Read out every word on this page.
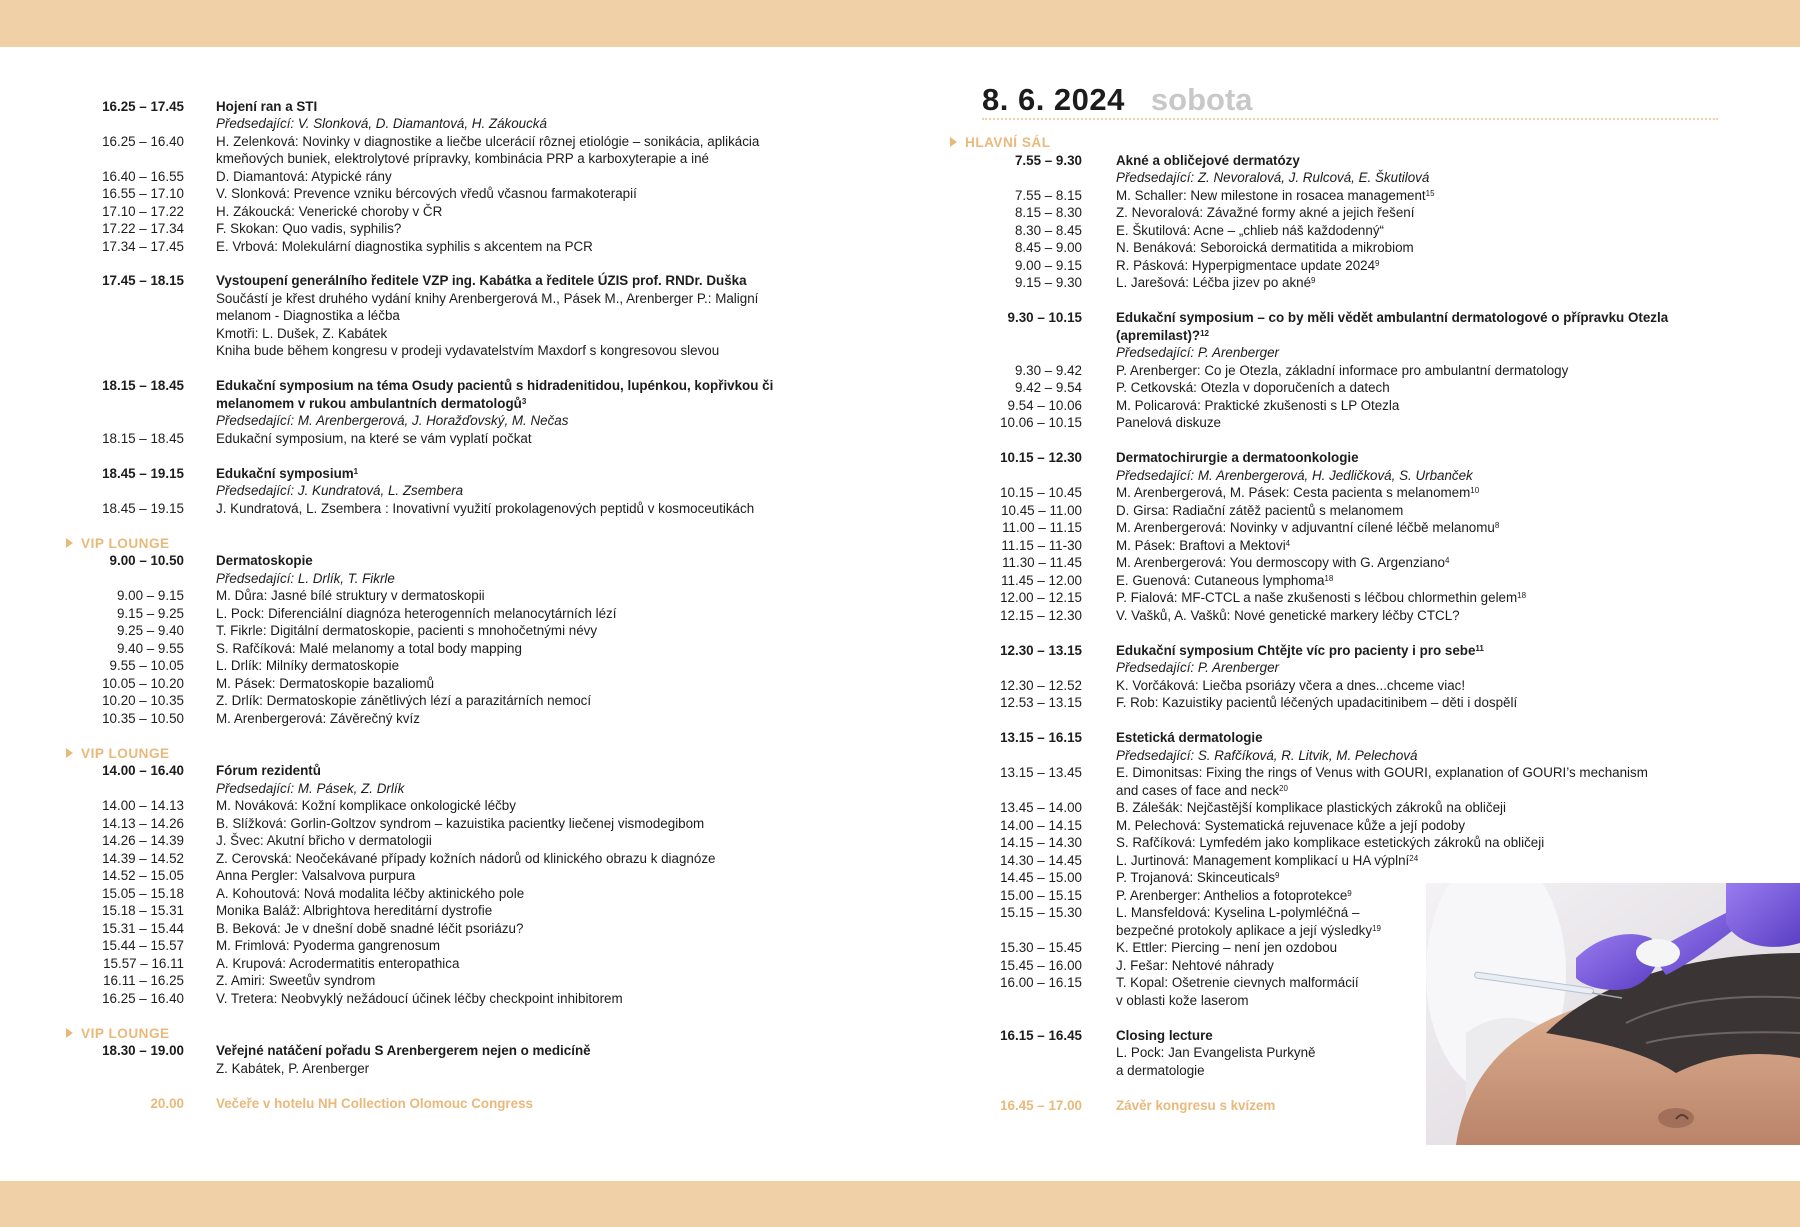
16.25 – 17.45 Hojení ran a STI
Předsedající: V. Slonková, D. Diamantová, H. Zákoucká
16.25 – 16.40 H. Zelenková: Novinky v diagnostike a liečbe ulcerácií rôznej etiológie – sonikácia, aplikácia
kmeňových buniek, elektrolytové prípravky, kombinácia PRP a karboxyterapie a iné
16.40 – 16.55 D. Diamantová: Atypické rány
16.55 – 17.10 V. Slonková: Prevence vzniku bércových vředů včasnou farmakoterapií
17.10 – 17.22 H. Zákoucká: Venerické choroby v ČR
17.22 – 17.34 F. Skokan: Quo vadis, syphilis?
17.34 – 17.45 E. Vrbová: Molekulární diagnostika syphilis s akcentem na PCR
17.45 – 18.15 Vystoupení generálního ředitele VZP ing. Kabátka a ředitele ÚZIS prof. RNDr. Duška
Součástí je křest druhého vydání knihy Arenbergerová M., Pásek M., Arenberger P.: Maligní
melanom - Diagnostika a léčba
Kmotři: L. Dušek, Z. Kabátek
Kniha bude během kongresu v prodeji vydavatelstvím Maxdorf s kongresovou slevou
18.15 – 18.45 Edukační symposium na téma Osudy pacientů s hidradenitidou, lupénkou, kopřivkou či
melanomem v rukou ambulantních dermatologů$^3$
Předsedající: M. Arenbergerová, J. Horažďovský, M. Nečas
18.15 – 18.45 Edukační symposium, na které se vám vyplatí počkat
18.45 – 19.15 Edukační symposium$^1$
Předsedající: J. Kundratová, L. Zsembera
18.45 – 19.15 J. Kundratová, L. Zsembera : Inovativní využití prokolagenových peptidů v kosmoceutikách
9.00 – 10.50 Dermatoskopie
Předsedající: L. Drlík, T. Fikrle
9.00 – 9.15 M. Důra: Jasné bílé struktury v dermatoskopii
9.15 – 9.25 L. Pock: Diferenciální diagnóza heterogenních melanocytárních lézí
9.25 – 9.40 T. Fikrle: Digitální dermatoskopie, pacienti s mnohočetnými névy
9.40 – 9.55 S. Rafčíková: Malé melanomy a total body mapping
9.55 – 10.05 L. Drlík: Milníky dermatoskopie
10.05 – 10.20 M. Pásek: Dermatoskopie bazaliomů
10.20 – 10.35 Z. Drlík: Dermatoskopie zánětlivých lézí a parazitárních nemocí
10.35 – 10.50 M. Arenbergerová: Závěrečný kvíz
14.00 – 16.40 Fórum rezidentů
Předsedající: M. Pásek, Z. Drlík
14.00 – 14.13 M. Nováková: Kožní komplikace onkologické léčby
14.13 – 14.26 B. Slížková: Gorlin-Goltzov syndrom – kazuistika pacientky liečenej vismodegibom
14.26 – 14.39 J. Švec: Akutní břicho v dermatologii
14.39 – 14.52 Z. Cerovská: Neočekávané případy kožních nádorů od klinického obrazu k diagnóze
14.52 – 15.05 Anna Pergler: Valsalvova purpura
15.05 – 15.18 A. Kohoutová: Nová modalita léčby aktinického pole
15.18 – 15.31 Monika Baláž: Albrightova hereditární dystrofie
15.31 – 15.44 B. Beková: Je v dnešní době snadné léčit psoriázu?
15.44 – 15.57 M. Frimlová: Pyoderma gangrenosum
15.57 – 16.11 A. Krupová: Acrodermatitis enteropathica
16.11 – 16.25 Z. Amiri: Sweetův syndrom
16.25 – 16.40 V. Tretera: Neobvyklý nežádoucí účinek léčby checkpoint inhibitorem
18.30 – 19.00 Veřejné natáčení pořadu S Arenbergerem nejen o medicíně
Z. Kabátek, P. Arenberger
20.00 Večeře v hotelu NH Collection Olomouc Congress
VIP LOUNGE
VIP LOUNGE
VIP LOUNGE
7.55 – 9.30	Akné a obličejové dermatózy
Předsedající: Z. Nevoralová, J. Rulcová, E. Škutilová
7.55 – 8.15	M. Schaller: New milestone in rosacea management$^{15}$
8.15 – 8.30	Z. Nevoralová: Závažné formy akné a jejich řešení
8.30 – 8.45	E. Škutilová: Acne – „chlieb náš každodenný“
8.45 – 9.00	N. Benáková: Seboroická dermatitida a mikrobiom
9.00 – 9.15	R. Pásková: Hyperpigmentace update 2024$^9$
9.15 – 9.30	L. Jarešová: Léčba jizev po akné$^9$
9.30 – 10.15	Edukační symposium – co by měli vědět ambulantní dermatologové o přípravku Otezla
(apremilast)?$^{12}$
Předsedající: P. Arenberger
9.30 – 9.42	P. Arenberger: Co je Otezla, základní informace pro ambulantní dermatology
9.42 – 9.54	P. Cetkovská: Otezla v doporučeních a datech
9.54 – 10.06	M. Policarová: Praktické zkušenosti s LP Otezla
10.06 – 10.15	Panelová diskuze
10.15 – 12.30	Dermatochirurgie a dermatoonkologie
Předsedající: M. Arenbergerová, H. Jedličková, S. Urbanček
10.15 – 10.45	M. Arenbergerová, M. Pásek: Cesta pacienta s melanomem$^{10}$
10.45 – 11.00	D. Girsa: Radiační zátěž pacientů s melanomem
11.00 – 11.15	M. Arenbergerová: Novinky v adjuvantní cílené léčbě melanomu$^8$
11.15 – 11-30	M. Pásek: Braftovi a Mektovi$^4$
11.30 – 11.45	M. Arenbergerová: You dermoscopy with G. Argenziano$^4$
11.45 – 12.00	E. Guenová: Cutaneous lymphoma$^{18}$
12.00 – 12.15	P. Fialová: MF-CTCL a naše zkušenosti s léčbou chlormethin gelem$^{18}$
12.15 – 12.30	V. Vašků, A. Vašků: Nové genetické markery léčby CTCL?
12.30 – 13.15	Edukační symposium Chtějte víc pro pacienty i pro sebe$^{11}$
Předsedající: P. Arenberger
12.30 – 12.52	K. Vorčáková: Liečba psoriázy včera a dnes...chceme viac!
12.53 – 13.15	F. Rob: Kazuistiky pacientů léčených upadacitinibem – děti i dospělí
13.15 – 16.15	Estetická dermatologie
Předsedající: S. Rafčíková, R. Litvik, M. Pelechová
13.15 – 13.45	E. Dimonitsas: Fixing the rings of Venus with GOURI, explanation of GOURI’s mechanism
and cases of face and neck$^{20}$
13.45 – 14.00	B. Zálešák: Nejčastější komplikace plastických zákroků na obličeji
14.00 – 14.15	M. Pelechová: Systematická rejuvenace kůže a její podoby
14.15 – 14.30	S. Rafčíková: Lymfedém jako komplikace estetických zákroků na obličeji
14.30 – 14.45	L. Jurtinová: Management komplikací u HA výplní$^{24}$
14.45 – 15.00	P. Trojanová: Skinceuticals$^9$
15.00 – 15.15	P. Arenberger: Anthelios a fotoprotekce$^9$
15.15 – 15.30	L. Mansfeldová: Kyselina L-polymléčná –
bezpečné protokoly aplikace a její výsledky$^{19}$
15.30 – 15.45	K. Ettler: Piercing – není jen ozdobou
15.45 – 16.00	J. Fešar: Nehtové náhrady
16.00 – 16.15	T. Kopal: Ošetrenie cievnych malformácií
v oblasti kože laserom
16.15 – 16.45	Closing lecture
L. Pock: Jan Evangelista Purkyně
a dermatologie
16.45 – 17.00	Závěr kongresu s kvízem
HLAVNÍ SÁL
8. 6. 2024 sobota
